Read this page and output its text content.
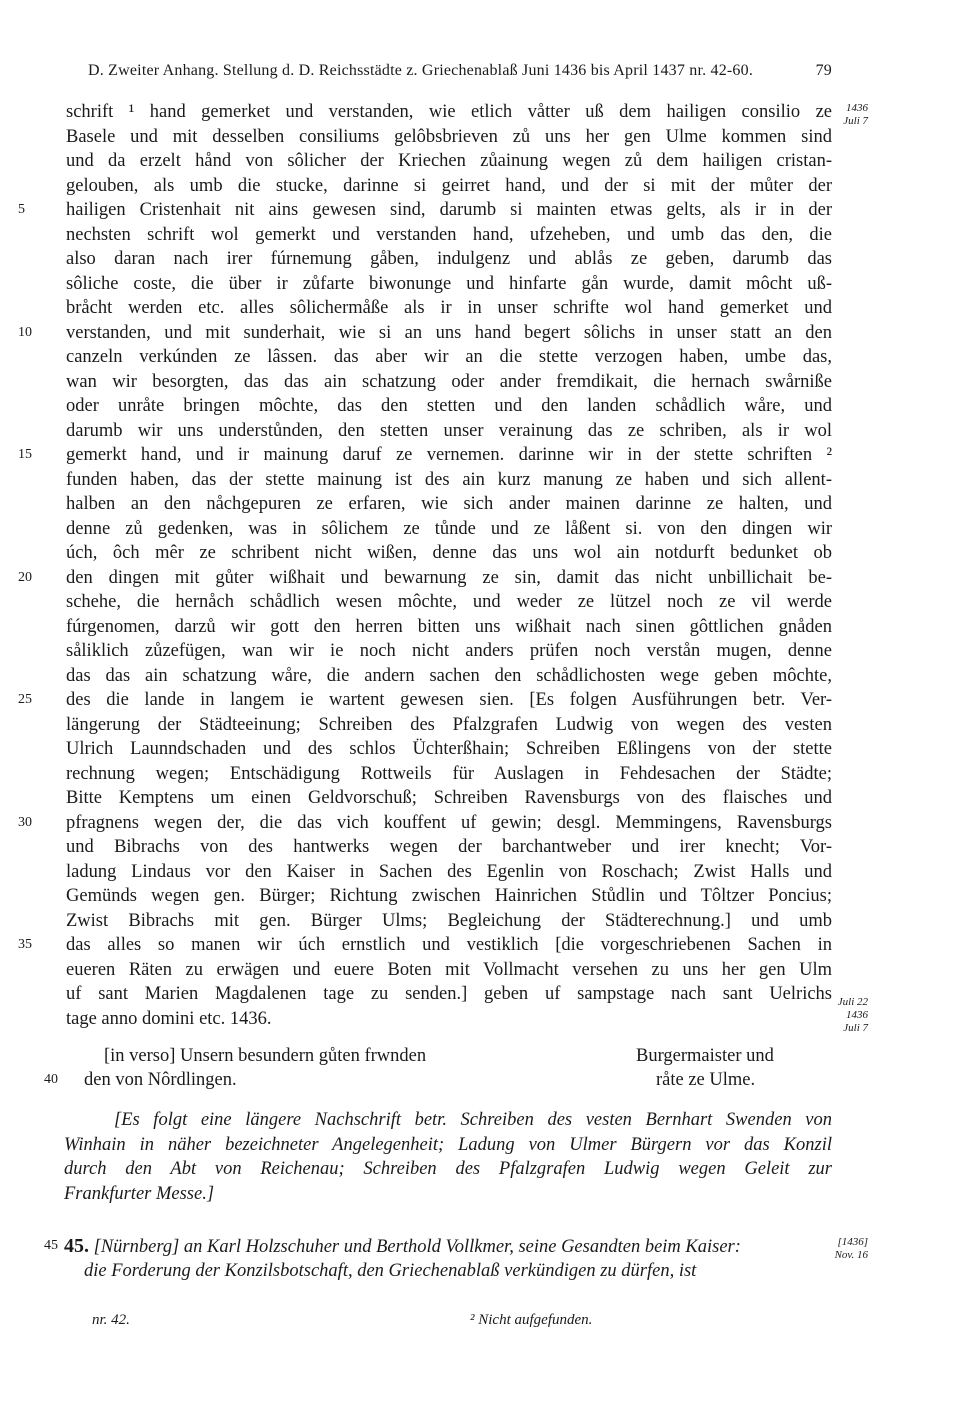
D. Zweiter Anhang. Stellung d. D. Reichsstädte z. Griechenablaß Juni 1436 bis April 1437 nr. 42-60.	79
schrift ¹ hand gemerket und verstanden, wie etlich våtter uß dem hailigen consilio ze
Basele und mit desselben consiliums gelôbsbrieven zů uns her gen Ulme kommen sind
und da erzelt hånd von sôlicher der Kriechen zůainung wegen zů dem hailigen cristan-
gelouben, als umb die stucke, darinne si geirret hand, und der si mit der můter der
5	hailigen Cristenhait nit ains gewesen sind, darumb si mainten etwas gelts, als ir in der
nechsten schrift wol gemerkt und verstanden hand, ufzeheben, und umb das den, die
also daran nach irer fúrnemung gåben, indulgenz und ablås ze geben, darumb das
sôliche coste, die über ir zůfarte biwonunge und hinfarte gån wurde, damit môcht uß-
bråcht werden etc. alles sôlichermåße als ir in unser schrifte wol hand gemerket und
10	verstanden, und mit sunderhait, wie si an uns hand begert sôlichs in unser statt an den
canzeln verkúnden ze lâssen. das aber wir an die stette verzogen haben, umbe das,
wan wir besorgten, das das ain schatzung oder ander fremdikait, die hernach swårniße
oder unråte bringen môchte, das den stetten und den landen schådlich wåre, und
darumb wir uns understůnden, den stetten unser verainung das ze schriben, als ir wol
15	gemerkt hand, und ir mainung daruf ze vernemen. darinne wir in der stette schriften ²
funden haben, das der stette mainung ist des ain kurz manung ze haben und sich allent-
halben an den nåchgepuren ze erfaren, wie sich ander mainen darinne ze halten, und
denne zů gedenken, was in sôlichem ze tůnde und ze låßent si. von den dingen wir
úch, ôch mêr ze schribent nicht wißen, denne das uns wol ain notdurft bedunket ob
20	den dingen mit gůter wißhait und bewarnung ze sin, damit das nicht unbillichait be-
schehe, die hernåch schådlich wesen môchte, und weder ze lützel noch ze vil werde
fúrgenomen, darzů wir gott den herren bitten uns wißhait nach sinen gôttlichen gnåden
såliklich zůzefügen, wan wir ie noch nicht anders prüfen noch verstån mugen, denne
das das ain schatzung wåre, die andern sachen den schådlichosten wege geben môchte,
25	des die lande in langem ie wartent gewesen sien. [Es folgen Ausführungen betr. Ver-
längerung der Städteeinung; Schreiben des Pfalzgrafen Ludwig von wegen des vesten
Ulrich Launndschaden und des schlos Üchterßhain; Schreiben Eßlingens von der stette
rechnung wegen; Entschädigung Rottweils für Auslagen in Fehdesachen der Städte;
Bitte Kemptens um einen Geldvorschuß; Schreiben Ravensburgs von des flaisches und
30	pfragnens wegen der, die das vich kouffent uf gewin; desgl. Memmingens, Ravensburgs
und Bibrachs von des hantwerks wegen der barchantweber und irer knecht; Vor-
ladung Lindaus vor den Kaiser in Sachen des Egenlin von Roschach; Zwist Halls und
Gemünds wegen gen. Bürger; Richtung zwischen Hainrichen Stůdlin und Tôltzer Poncius;
Zwist Bibrachs mit gen. Bürger Ulms; Begleichung der Städterechnung.] und umb
35	das alles so manen wir úch ernstlich und vestiklich [die vorgeschriebenen Sachen in
eueren Räten zu erwägen und euere Boten mit Vollmacht versehen zu uns her gen Ulm
uf sant Marien Magdalenen tage zu senden.] geben uf sampstage nach sant Uelrichs
tage anno domini etc. 1436.
1436
Juli 7
Juli 22
1436
Juli 7
[in verso] Unsern besundern gůten frwnden
40	den von Nôrdlingen.
Burgermaister und
råte ze Ulme.
[Es folgt eine längere Nachschrift betr. Schreiben des vesten Bernhart Swenden von
Winhain in näher bezeichneter Angelegenheit; Ladung von Ulmer Bürgern vor das Konzil
durch den Abt von Reichenau; Schreiben des Pfalzgrafen Ludwig wegen Geleit zur
Frankfurter Messe.]
45 45. [Nürnberg] an Karl Holzschuher und Berthold Vollkmer, seine Gesandten beim Kaiser:
die Forderung der Konzilsbotschaft, den Griechenablaß verkündigen zu dürfen, ist
[1436]
Nov. 16
nr. 42.	² Nicht aufgefunden.
